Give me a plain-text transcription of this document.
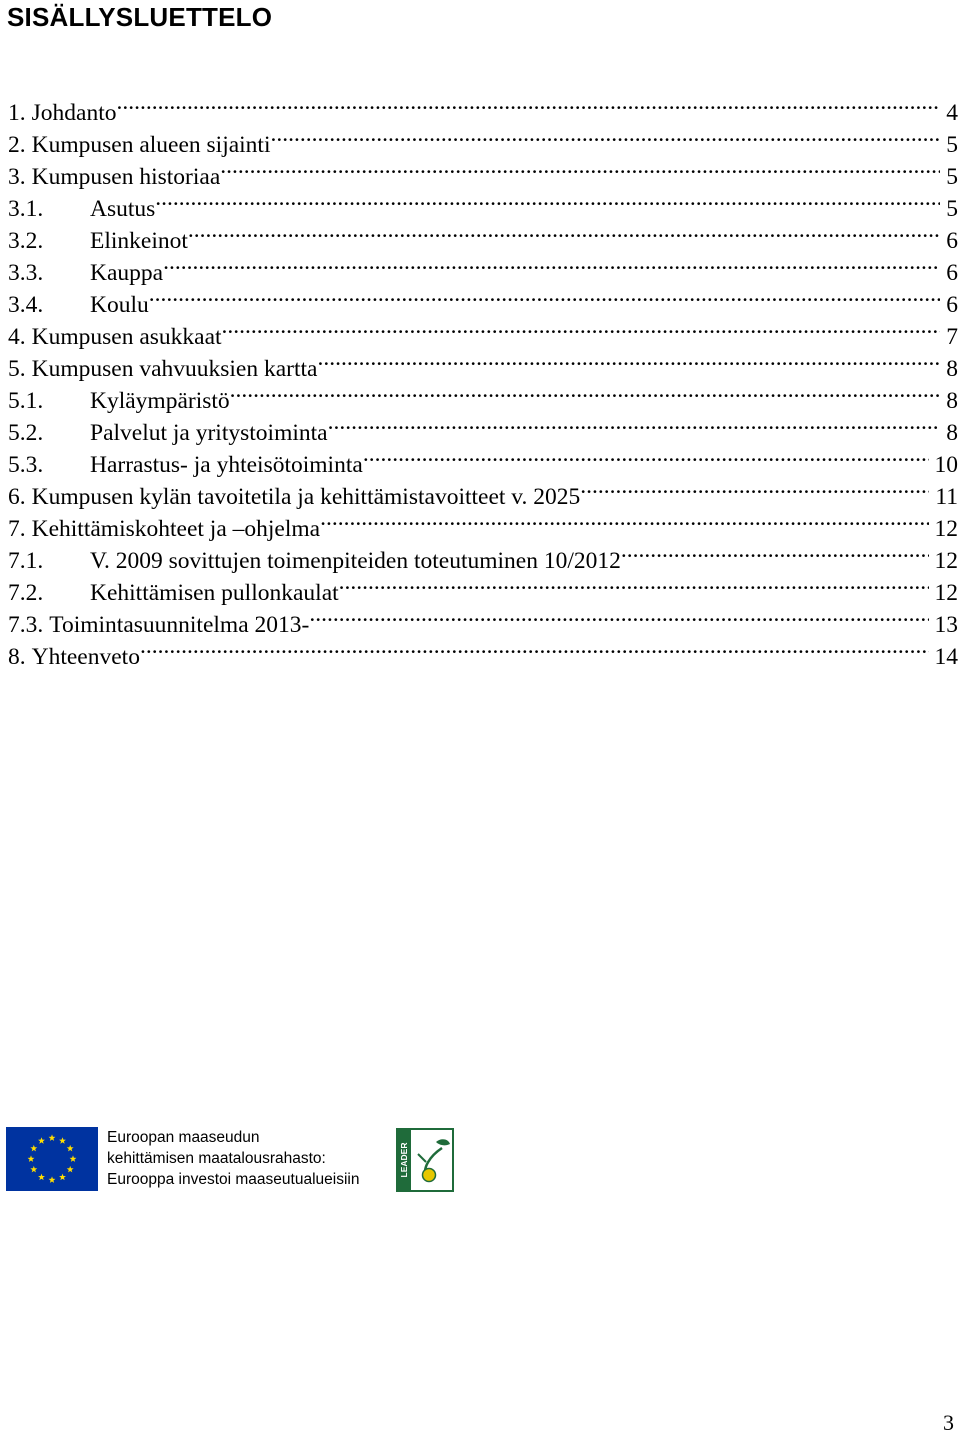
SISÄLLYSLUETTELO
1. Johdanto .....	4
2. Kumpusen alueen sijainti .....	5
3. Kumpusen historiaa .....	5
3.1.	Asutus .....	5
3.2.	Elinkeinot .....	6
3.3.	Kauppa .....	6
3.4.	Koulu .....	6
4. Kumpusen asukkaat .....	7
5. Kumpusen vahvuuksien kartta .....	8
5.1.	Kyläympäristö .....	8
5.2.	Palvelut ja yritystoiminta .....	8
5.3.	Harrastus- ja yhteisötoiminta .....	10
6. Kumpusen kylän tavoitetila ja kehittämistavoitteet v. 2025 .....	11
7. Kehittämiskohteet ja –ohjelma .....	12
7.1.	V. 2009 sovittujen toimenpiteiden toteutuminen 10/2012 .....	12
7.2.	Kehittämisen pullonkaulat .....	12
7.3. Toimintasuunnitelma 2013- .....	13
8. Yhteenveto .....	14
Euroopan maaseudun
kehittämisen maatalousrahasto:
Eurooppa investoi maaseutualueisiin
LEADER
3
